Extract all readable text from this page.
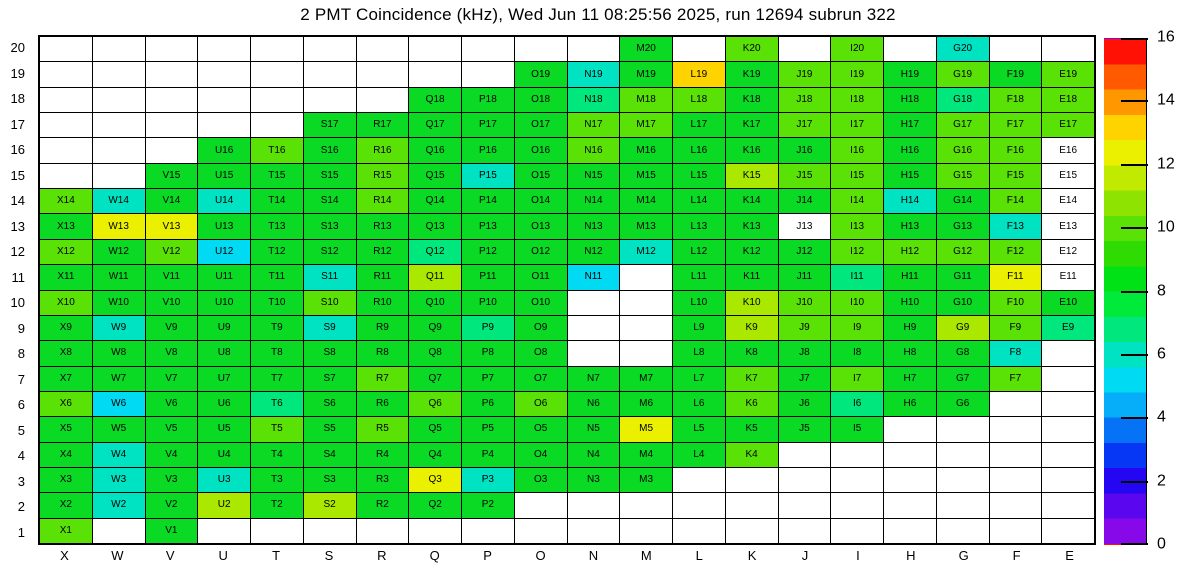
2 PMT Coincidence (kHz), Wed Jun 11 08:25:56 2025, run 12694 subrun 322
20
19
18
17
16
15
14
13
12
11
10
9
8
7
6
5
4
3
2
1
M20	K20	I20	G20
O19	N19	M19	L19	K19	J19	I19	H19	G19	F19	E19
Q18	P18	O18	N18	M18	L18	K18	J18	I18	H18	G18	F18	E18
S17	R17	Q17	P17	O17	N17	M17	L17	K17	J17	I17	H17	G17	F17	E17
U16	T16	S16	R16	Q16	P16	O16	N16	M16	L16	K16	J16	I16	H16	G16	F16	E16
V15	U15	T15	S15	R15	Q15	P15	O15	N15	M15	L15	K15	J15	I15	H15	G15	F15	E15
X14	W14	V14	U14	T14	S14	R14	Q14	P14	O14	N14	M14	L14	K14	J14	I14	H14	G14	F14	E14
X13	W13	V13	U13	T13	S13	R13	Q13	P13	O13	N13	M13	L13	K13	J13	I13	H13	G13	F13	E13
X12	W12	V12	U12	T12	S12	R12	Q12	P12	O12	N12	M12	L12	K12	J12	I12	H12	G12	F12	E12
X11	W11	V11	U11	T11	S11	R11	Q11	P11	O11	N11	L11	K11	J11	I11	H11	G11	F11	E11
X10	W10	V10	U10	T10	S10	R10	Q10	P10	O10	L10	K10	J10	I10	H10	G10	F10	E10
X9	W9	V9	U9	T9	S9	R9	Q9	P9	O9	L9	K9	J9	I9	H9	G9	F9	E9
X8	W8	V8	U8	T8	S8	R8	Q8	P8	O8	L8	K8	J8	I8	H8	G8	F8
X7	W7	V7	U7	T7	S7	R7	Q7	P7	O7	N7	M7	L7	K7	J7	I7	H7	G7	F7
X6	W6	V6	U6	T6	S6	R6	Q6	P6	O6	N6	M6	L6	K6	J6	I6	H6	G6
X5	W5	V5	U5	T5	S5	R5	Q5	P5	O5	N5	M5	L5	K5	J5	I5
X4	W4	V4	U4	T4	S4	R4	Q4	P4	O4	N4	M4	L4	K4
X3	W3	V3	U3	T3	S3	R3	Q3	P3	O3	N3	M3
X2	W2	V2	U2	T2	S2	R2	Q2	P2
X1	V1
X	W	V	U	T	S	R	Q	P	O	N	M	L	K	J	I	H	G	F	E
0
2
4
6
8
10
12
14
16
